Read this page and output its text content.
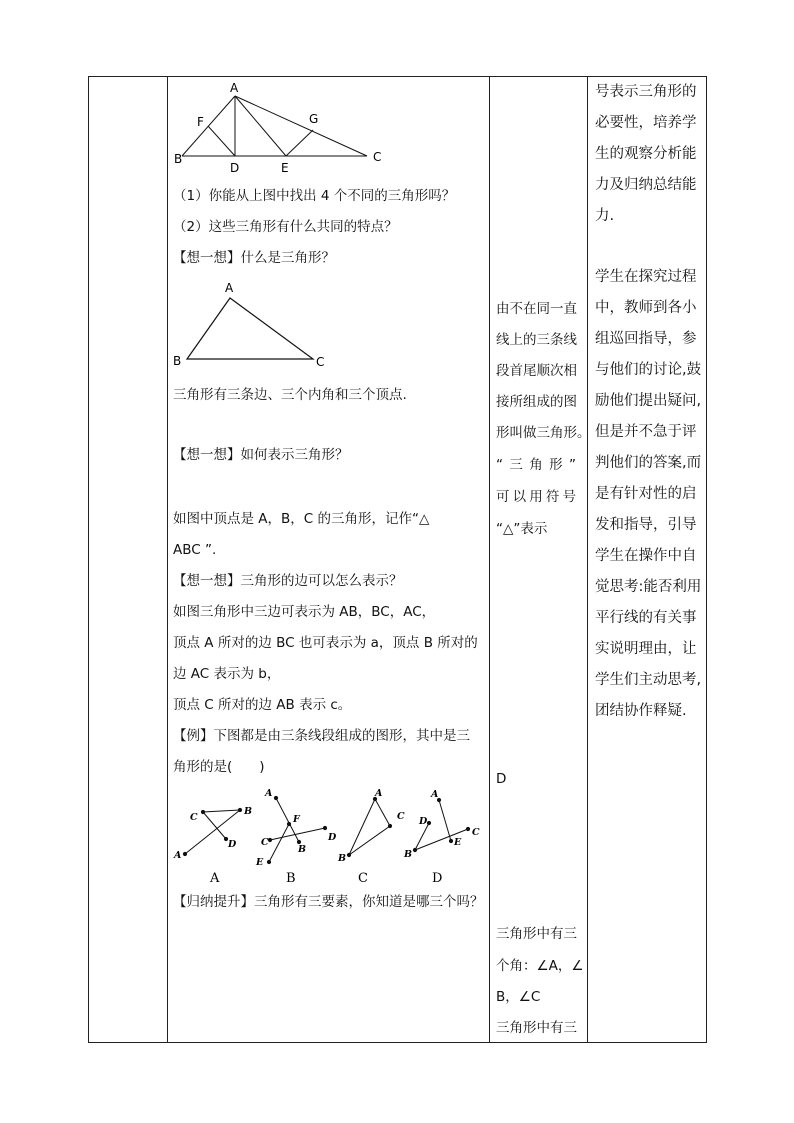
A
F	G
B
D	E
C
（1）你能从上图中找出 4 个不同的三角形吗？
（2）这些三角形有什么共同的特点？
【想一想】什么是三角形？
A
B	C
三角形有三条边、三个内角和三个顶点.
【想一想】如何表示三角形？
如图中顶点是 A，B，C 的三角形，记作“△
ABC ”.
【想一想】三角形的边可以怎么表示？
如图三角形中三边可表示为 AB，BC，AC，
顶点 A 所对的边 BC 也可表示为 a，顶点 B 所对的
边 AC 表示为 b，
顶点 C 所对的边 AB 表示 c。
【例】下图都是由三条线段组成的图形，其中是三
角形的是(　　)
C
B
D
A
A
A
F
C	D
B
E
B
A
C
B
C
A
D
C
E
B
D
【归纳提升】三角形有三要素，你知道是哪三个吗？
由不在同一直
线上的三条线
段首尾顺次相
接所组成的图
形叫做三角形。
“三角形”
可以用符号
“△”表示
D
三角形中有三
个角：∠A，∠
B，∠C
三角形中有三
号表示三角形的
必要性，培养学
生的观察分析能
力及归纳总结能
力.
学生在探究过程
中，教师到各小
组巡回指导，参
与他们的讨论,鼓
励他们提出疑问,
但是并不急于评
判他们的答案,而
是有针对性的启
发和指导，引导
学生在操作中自
觉思考:能否利用
平行线的有关事
实说明理由，让
学生们主动思考,
团结协作释疑.
